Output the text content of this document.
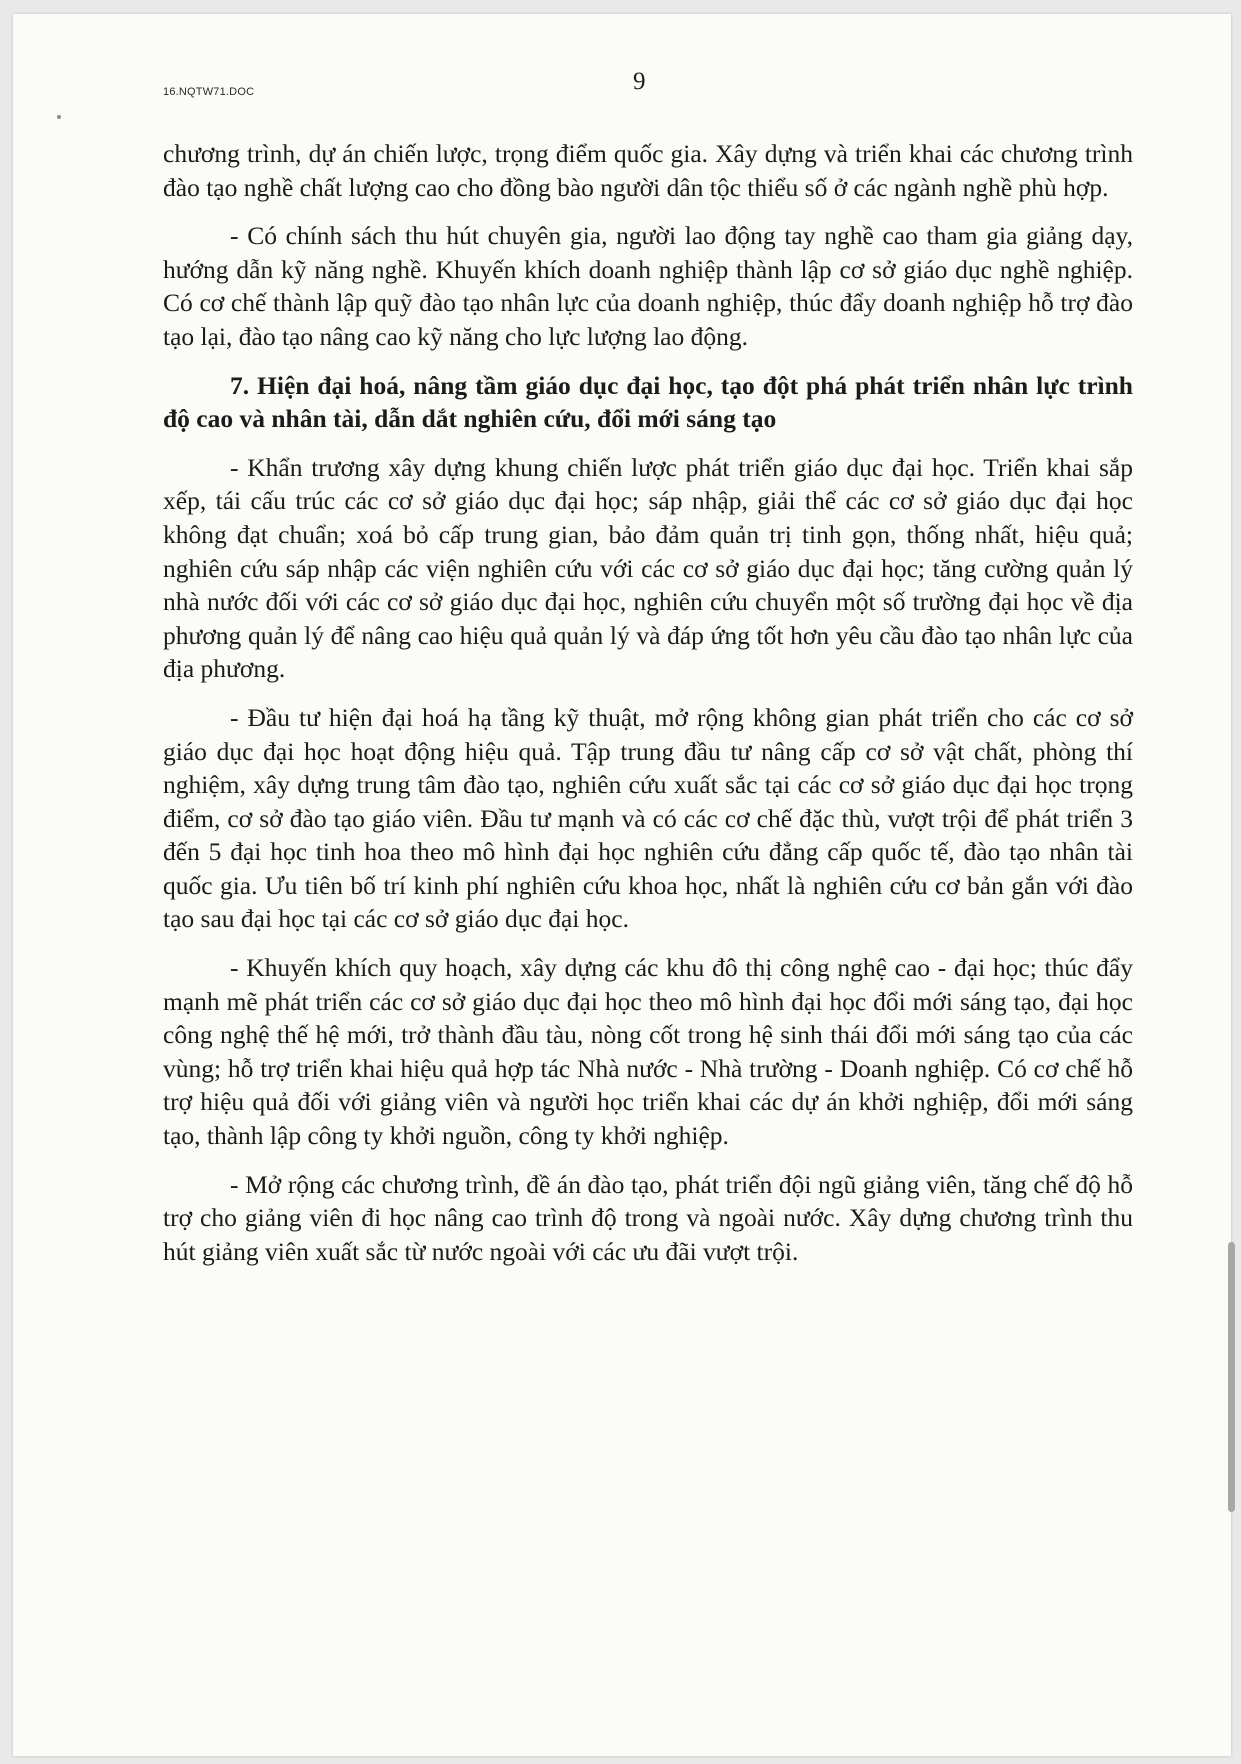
16.NQTW71.DOC	9

chương trình, dự án chiến lược, trọng điểm quốc gia. Xây dựng và triển khai các chương trình đào tạo nghề chất lượng cao cho đồng bào người dân tộc thiểu số ở các ngành nghề phù hợp.

- Có chính sách thu hút chuyên gia, người lao động tay nghề cao tham gia giảng dạy, hướng dẫn kỹ năng nghề. Khuyến khích doanh nghiệp thành lập cơ sở giáo dục nghề nghiệp. Có cơ chế thành lập quỹ đào tạo nhân lực của doanh nghiệp, thúc đẩy doanh nghiệp hỗ trợ đào tạo lại, đào tạo nâng cao kỹ năng cho lực lượng lao động.

7. Hiện đại hoá, nâng tầm giáo dục đại học, tạo đột phá phát triển nhân lực trình độ cao và nhân tài, dẫn dắt nghiên cứu, đổi mới sáng tạo

- Khẩn trương xây dựng khung chiến lược phát triển giáo dục đại học. Triển khai sắp xếp, tái cấu trúc các cơ sở giáo dục đại học; sáp nhập, giải thể các cơ sở giáo dục đại học không đạt chuẩn; xoá bỏ cấp trung gian, bảo đảm quản trị tinh gọn, thống nhất, hiệu quả; nghiên cứu sáp nhập các viện nghiên cứu với các cơ sở giáo dục đại học; tăng cường quản lý nhà nước đối với các cơ sở giáo dục đại học, nghiên cứu chuyển một số trường đại học về địa phương quản lý để nâng cao hiệu quả quản lý và đáp ứng tốt hơn yêu cầu đào tạo nhân lực của địa phương.

- Đầu tư hiện đại hoá hạ tầng kỹ thuật, mở rộng không gian phát triển cho các cơ sở giáo dục đại học hoạt động hiệu quả. Tập trung đầu tư nâng cấp cơ sở vật chất, phòng thí nghiệm, xây dựng trung tâm đào tạo, nghiên cứu xuất sắc tại các cơ sở giáo dục đại học trọng điểm, cơ sở đào tạo giáo viên. Đầu tư mạnh và có các cơ chế đặc thù, vượt trội để phát triển 3 đến 5 đại học tinh hoa theo mô hình đại học nghiên cứu đẳng cấp quốc tế, đào tạo nhân tài quốc gia. Ưu tiên bố trí kinh phí nghiên cứu khoa học, nhất là nghiên cứu cơ bản gắn với đào tạo sau đại học tại các cơ sở giáo dục đại học.

- Khuyến khích quy hoạch, xây dựng các khu đô thị công nghệ cao - đại học; thúc đẩy mạnh mẽ phát triển các cơ sở giáo dục đại học theo mô hình đại học đổi mới sáng tạo, đại học công nghệ thế hệ mới, trở thành đầu tàu, nòng cốt trong hệ sinh thái đổi mới sáng tạo của các vùng; hỗ trợ triển khai hiệu quả hợp tác Nhà nước - Nhà trường - Doanh nghiệp. Có cơ chế hỗ trợ hiệu quả đối với giảng viên và người học triển khai các dự án khởi nghiệp, đổi mới sáng tạo, thành lập công ty khởi nguồn, công ty khởi nghiệp.

- Mở rộng các chương trình, đề án đào tạo, phát triển đội ngũ giảng viên, tăng chế độ hỗ trợ cho giảng viên đi học nâng cao trình độ trong và ngoài nước. Xây dựng chương trình thu hút giảng viên xuất sắc từ nước ngoài với các ưu đãi vượt trội.
